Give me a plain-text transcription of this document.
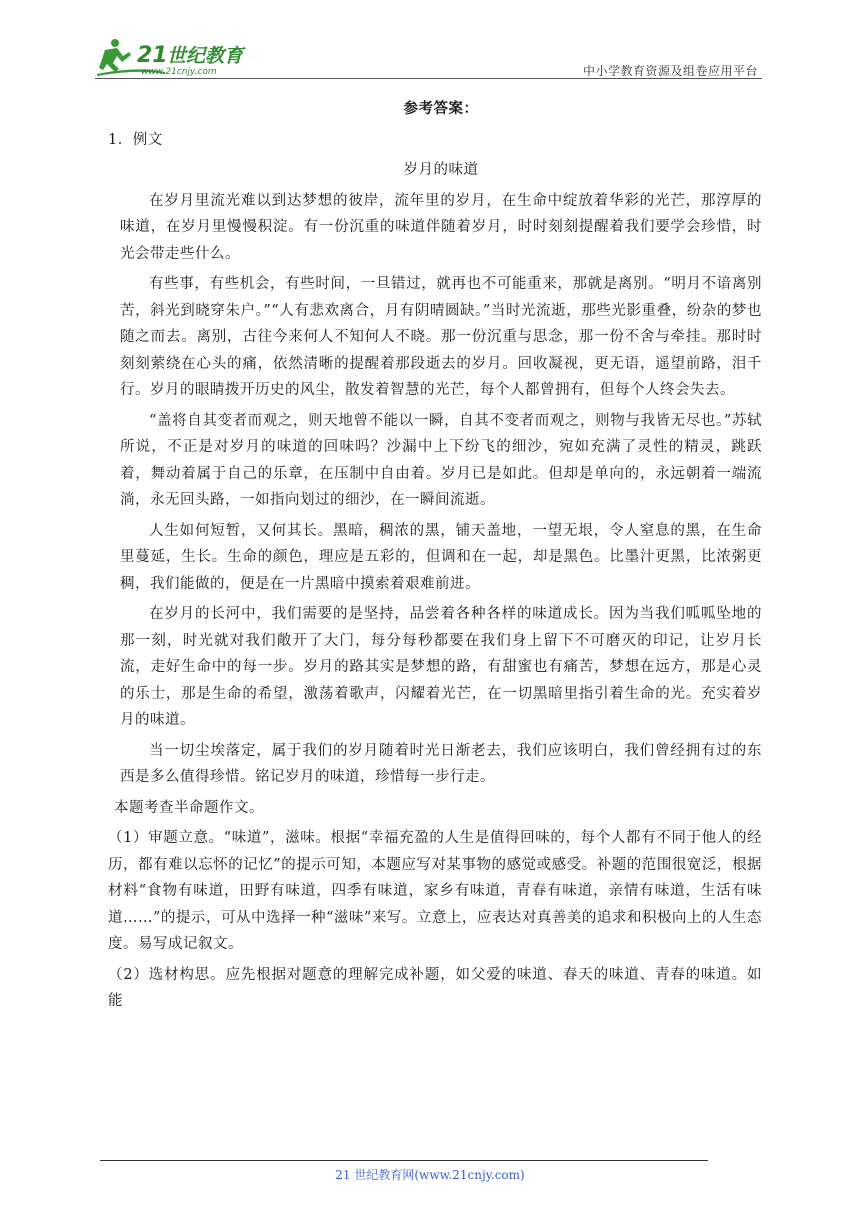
21 世纪教育
www.21cnjy.com	中小学教育资源及组卷应用平台

参考答案：

1．例文

岁月的味道

在岁月里流光难以到达梦想的彼岸，流年里的岁月，在生命中绽放着华彩的光芒，那淳厚的味道，在岁月里慢慢积淀。有一份沉重的味道伴随着岁月，时时刻刻提醒着我们要学会珍惜，时光会带走些什么。

有些事，有些机会，有些时间，一旦错过，就再也不可能重来，那就是离别。“明月不谙离别苦，斜光到晓穿朱户。”“人有悲欢离合，月有阴晴圆缺。”当时光流逝，那些光影重叠，纷杂的梦也随之而去。离别，古往今来何人不知何人不晓。那一份沉重与思念，那一份不舍与牵挂。那时时刻刻萦绕在心头的痛，依然清晰的提醒着那段逝去的岁月。回收凝视，更无语，遥望前路，泪千行。岁月的眼睛拨开历史的风尘，散发着智慧的光芒，每个人都曾拥有，但每个人终会失去。

“盖将自其变者而观之，则天地曾不能以一瞬，自其不变者而观之，则物与我皆无尽也。”苏轼所说，不正是对岁月的味道的回味吗？沙漏中上下纷飞的细沙，宛如充满了灵性的精灵，跳跃着，舞动着属于自己的乐章，在压制中自由着。岁月已是如此。但却是单向的，永远朝着一端流淌，永无回头路，一如指向划过的细沙，在一瞬间流逝。

人生如何短暂，又何其长。黑暗，稠浓的黑，铺天盖地，一望无垠，令人窒息的黑，在生命里蔓延，生长。生命的颜色，理应是五彩的，但调和在一起，却是黑色。比墨汁更黑，比浓粥更稠，我们能做的，便是在一片黑暗中摸索着艰难前进。

在岁月的长河中，我们需要的是坚持，品尝着各种各样的味道成长。因为当我们呱呱坠地的那一刻，时光就对我们敞开了大门，每分每秒都要在我们身上留下不可磨灭的印记，让岁月长流，走好生命中的每一步。岁月的路其实是梦想的路，有甜蜜也有痛苦，梦想在远方，那是心灵的乐士，那是生命的希望，激荡着歌声，闪耀着光芒，在一切黑暗里指引着生命的光。充实着岁月的味道。

当一切尘埃落定，属于我们的岁月随着时光日渐老去，我们应该明白，我们曾经拥有过的东西是多么值得珍惜。铭记岁月的味道，珍惜每一步行走。

本题考查半命题作文。

（1）审题立意。“味道”，滋味。根据“幸福充盈的人生是值得回味的，每个人都有不同于他人的经历，都有难以忘怀的记忆”的提示可知，本题应写对某事物的感觉或感受。补题的范围很宽泛，根据材料“食物有味道，田野有味道，四季有味道，家乡有味道，青春有味道，亲情有味道，生活有味道……”的提示，可从中选择一种“滋味”来写。立意上，应表达对真善美的追求和积极向上的人生态度。易写成记叙文。

（2）选材构思。应先根据对题意的理解完成补题，如父爱的味道、春天的味道、青春的味道。如能

21 世纪教育网(www.21cnjy.com)
